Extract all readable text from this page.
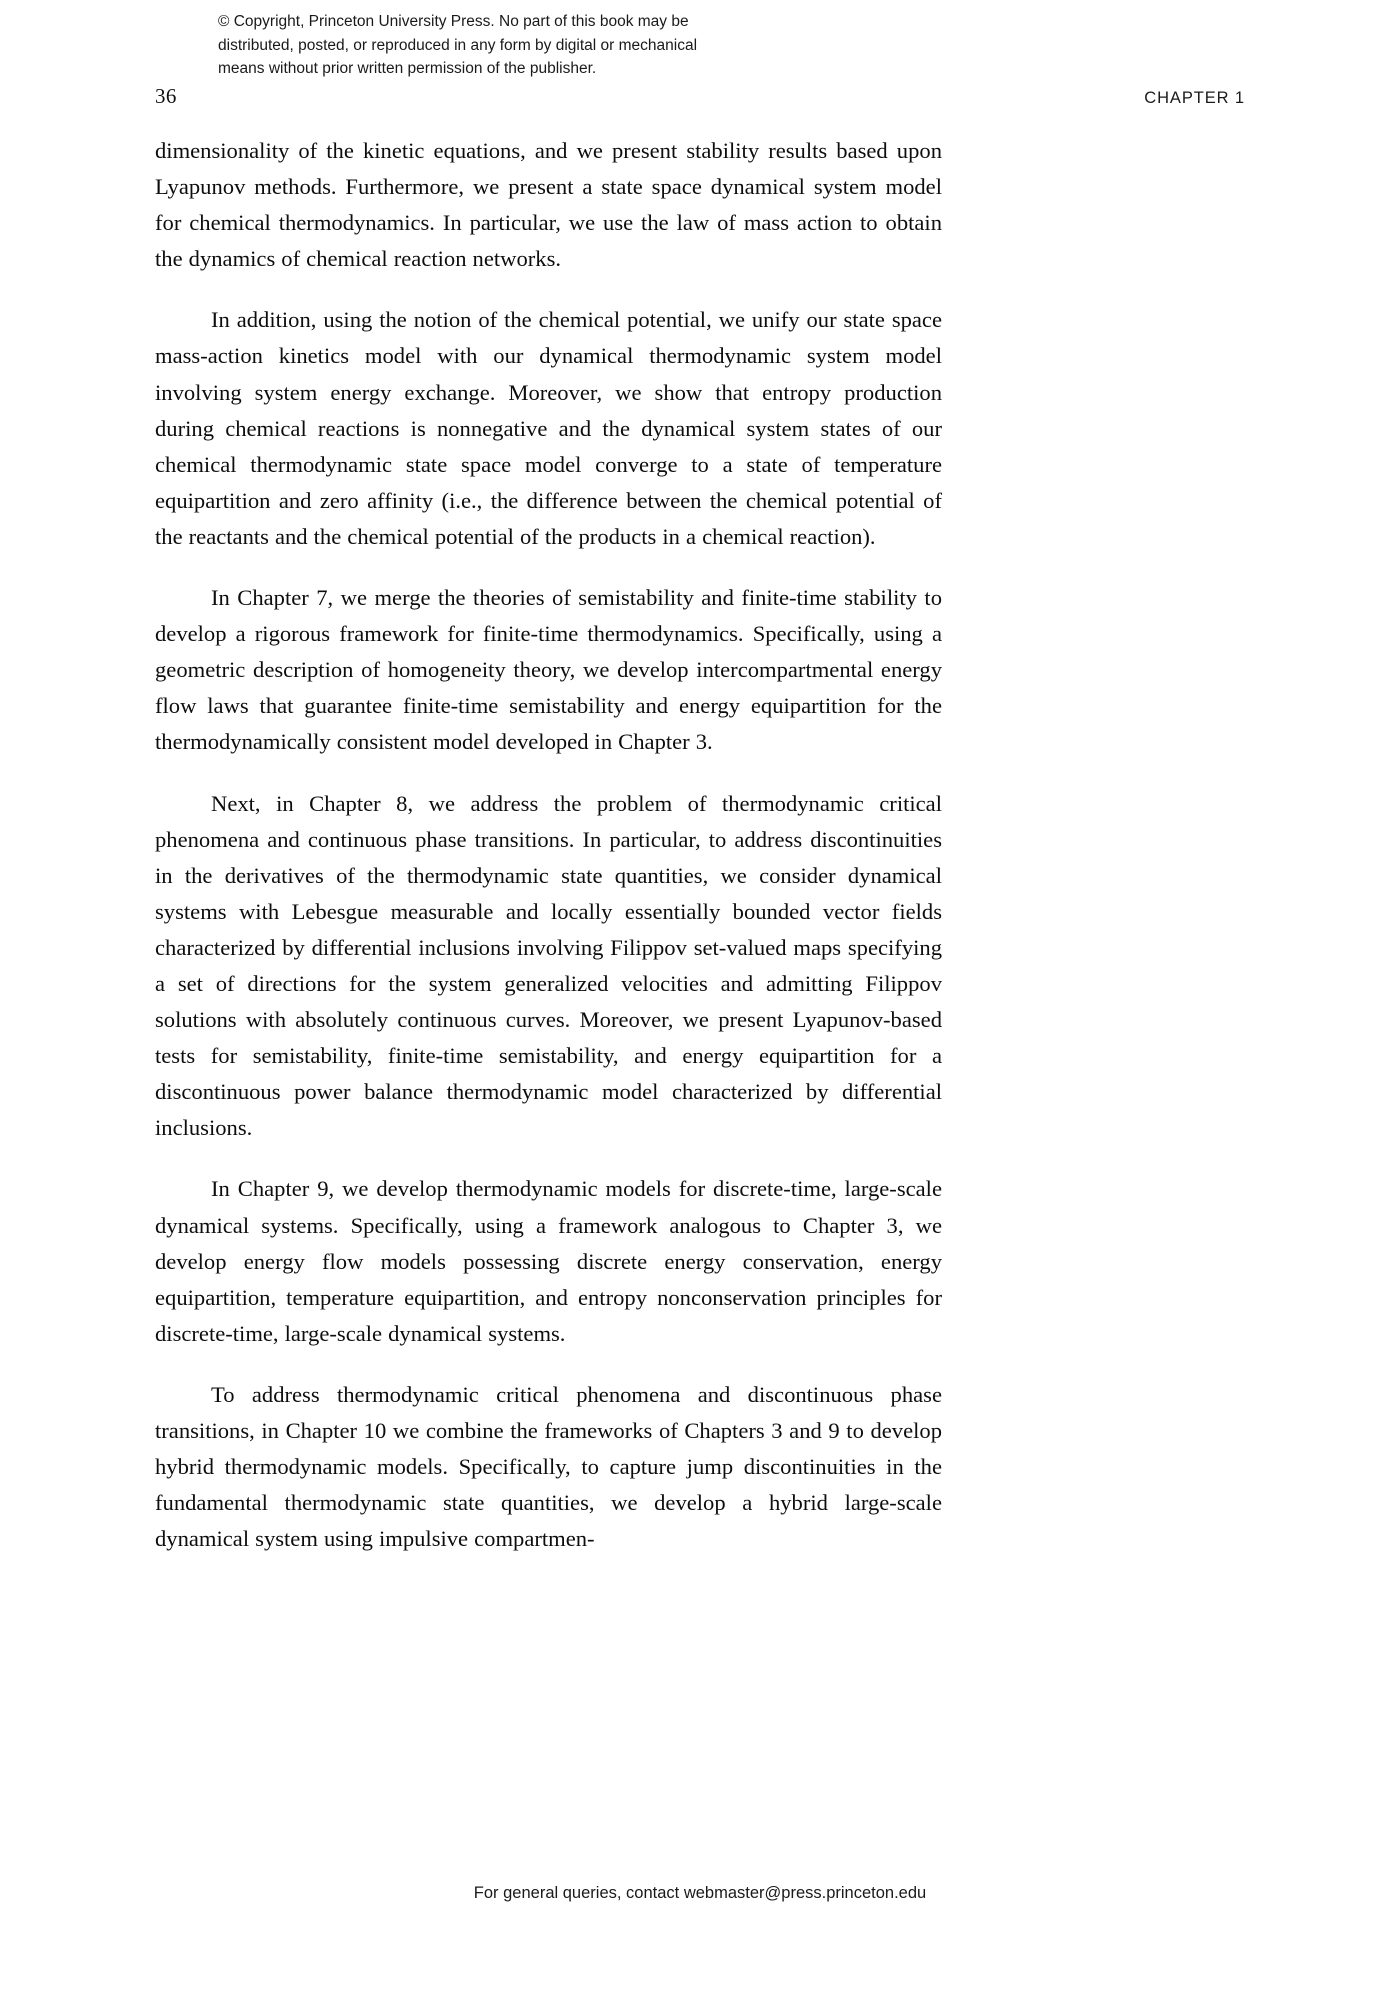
© Copyright, Princeton University Press. No part of this book may be
distributed, posted, or reproduced in any form by digital or mechanical
means without prior written permission of the publisher.
36	CHAPTER 1

dimensionality of the kinetic equations, and we present stability results based upon Lyapunov methods. Furthermore, we present a state space dynamical system model for chemical thermodynamics. In particular, we use the law of mass action to obtain the dynamics of chemical reaction networks.

In addition, using the notion of the chemical potential, we unify our state space mass-action kinetics model with our dynamical thermodynamic system model involving system energy exchange. Moreover, we show that entropy production during chemical reactions is nonnegative and the dynamical system states of our chemical thermodynamic state space model converge to a state of temperature equipartition and zero affinity (i.e., the difference between the chemical potential of the reactants and the chemical potential of the products in a chemical reaction).

In Chapter 7, we merge the theories of semistability and finite-time stability to develop a rigorous framework for finite-time thermodynamics. Specifically, using a geometric description of homogeneity theory, we develop intercompartmental energy flow laws that guarantee finite-time semistability and energy equipartition for the thermodynamically consistent model developed in Chapter 3.

Next, in Chapter 8, we address the problem of thermodynamic critical phenomena and continuous phase transitions. In particular, to address discontinuities in the derivatives of the thermodynamic state quantities, we consider dynamical systems with Lebesgue measurable and locally essentially bounded vector fields characterized by differential inclusions involving Filippov set-valued maps specifying a set of directions for the system generalized velocities and admitting Filippov solutions with absolutely continuous curves. Moreover, we present Lyapunov-based tests for semistability, finite-time semistability, and energy equipartition for a discontinuous power balance thermodynamic model characterized by differential inclusions.

In Chapter 9, we develop thermodynamic models for discrete-time, large-scale dynamical systems. Specifically, using a framework analogous to Chapter 3, we develop energy flow models possessing discrete energy conservation, energy equipartition, temperature equipartition, and entropy nonconservation principles for discrete-time, large-scale dynamical systems.

To address thermodynamic critical phenomena and discontinuous phase transitions, in Chapter 10 we combine the frameworks of Chapters 3 and 9 to develop hybrid thermodynamic models. Specifically, to capture jump discontinuities in the fundamental thermodynamic state quantities, we develop a hybrid large-scale dynamical system using impulsive compartmen-

For general queries, contact webmaster@press.princeton.edu
